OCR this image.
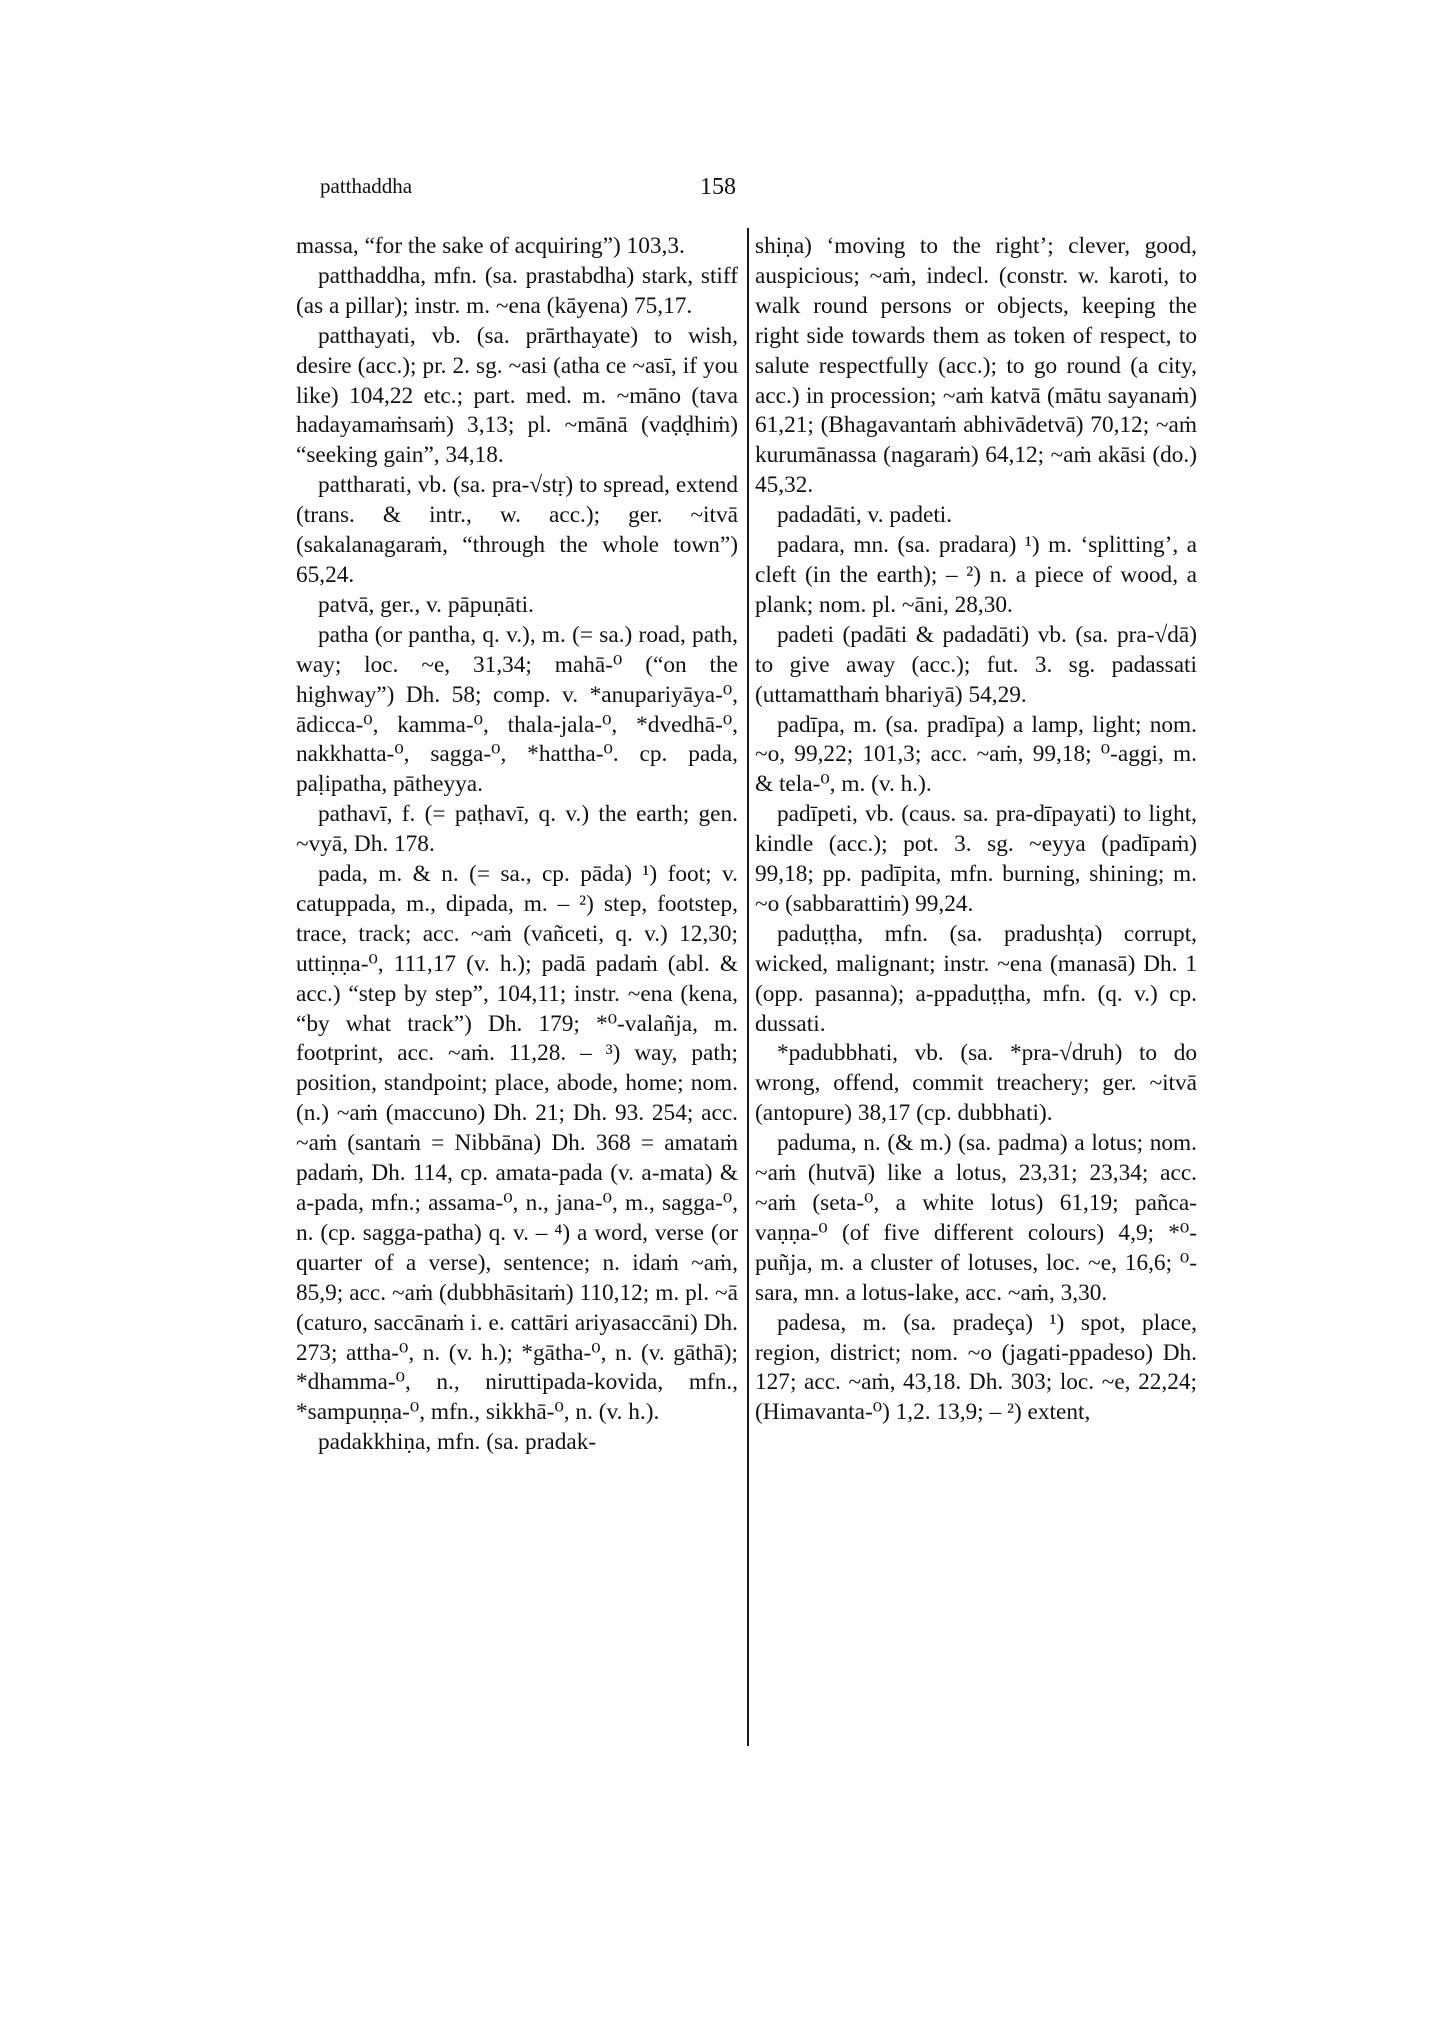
patthaddha	158

massa, “for the sake of acquiring”) 103,3.

patthaddha, mfn. (sa. prastabdha) stark, stiff (as a pillar); instr. m. ~ena (kāyena) 75,17.

patthayati, vb. (sa. prārthayate) to wish, desire (acc.); pr. 2. sg. ~asi (atha ce ~asī, if you like) 104,22 etc.; part. med. m. ~māno (tava hadayamaṁsaṁ) 3,13; pl. ~mānā (vaḍḍhiṁ) “seeking gain”, 34,18.

pattharati, vb. (sa. pra-√stṛ) to spread, extend (trans. & intr., w. acc.); ger. ~itvā (sakalanagaraṁ, “through the whole town”) 65,24.

patvā, ger., v. pāpuṇāti.

patha (or pantha, q. v.), m. (= sa.) road, path, way; loc. ~e, 31,34; mahā-⁰ (“on the highway”) Dh. 58; comp. v. *anupariyāya-⁰, ādicca-⁰, kamma-⁰, thala-jala-⁰, *dvedhā-⁰, nakkhatta-⁰, sagga-⁰, *hattha-⁰. cp. pada, paḷipatha, pātheyya.

pathavī, f. (= paṭhavī, q. v.) the earth; gen. ~vyā, Dh. 178.

pada, m. & n. (= sa., cp. pāda) ¹) foot; v. catuppada, m., dipada, m. – ²) step, footstep, trace, track; acc. ~aṁ (vañceti, q. v.) 12,30; uttiṇṇa-⁰, 111,17 (v. h.); padā padaṁ (abl. & acc.) “step by step”, 104,11; instr. ~ena (kena, “by what track”) Dh. 179; *⁰-valañja, m. footprint, acc. ~aṁ. 11,28. – ³) way, path; position, standpoint; place, abode, home; nom. (n.) ~aṁ (maccuno) Dh. 21; Dh. 93. 254; acc. ~aṁ (santaṁ = Nibbāna) Dh. 368 = amataṁ padaṁ, Dh. 114, cp. amata-pada (v. a-mata) & a-pada, mfn.; assama-⁰, n., jana-⁰, m., sagga-⁰, n. (cp. sagga-patha) q. v. – ⁴) a word, verse (or quarter of a verse), sentence; n. idaṁ ~aṁ, 85,9; acc. ~aṁ (dubbhāsitaṁ) 110,12; m. pl. ~ā (caturo, saccānaṁ i. e. cattāri ariyasaccāni) Dh. 273; attha-⁰, n. (v. h.); *gātha-⁰, n. (v. gāthā); *dhamma-⁰, n., niruttipada-kovida, mfn., *sampuṇṇa-⁰, mfn., sikkhā-⁰, n. (v. h.).

padakkhiṇa, mfn. (sa. pradak-

shiṇa) ‘moving to the right’; clever, good, auspicious; ~aṁ, indecl. (constr. w. karoti, to walk round persons or objects, keeping the right side towards them as token of respect, to salute respectfully (acc.); to go round (a city, acc.) in procession; ~aṁ katvā (mātu sayanaṁ) 61,21; (Bhagavantaṁ abhivādetvā) 70,12; ~aṁ kurumānassa (nagaraṁ) 64,12; ~aṁ akāsi (do.) 45,32.

padadāti, v. padeti.

padara, mn. (sa. pradara) ¹) m. ‘splitting’, a cleft (in the earth); – ²) n. a piece of wood, a plank; nom. pl. ~āni, 28,30.

padeti (padāti & padadāti) vb. (sa. pra-√dā) to give away (acc.); fut. 3. sg. padassati (uttamatthaṁ bhariyā) 54,29.

padīpa, m. (sa. pradīpa) a lamp, light; nom. ~o, 99,22; 101,3; acc. ~aṁ, 99,18; ⁰-aggi, m. & tela-⁰, m. (v. h.).

padīpeti, vb. (caus. sa. pra-dīpayati) to light, kindle (acc.); pot. 3. sg. ~eyya (padīpaṁ) 99,18; pp. padīpita, mfn. burning, shining; m. ~o (sabbarattiṁ) 99,24.

paduṭṭha, mfn. (sa. pradushṭa) corrupt, wicked, malignant; instr. ~ena (manasā) Dh. 1 (opp. pasanna); a-ppaduṭṭha, mfn. (q. v.) cp. dussati.

*padubbhati, vb. (sa. *pra-√druh) to do wrong, offend, commit treachery; ger. ~itvā (antopure) 38,17 (cp. dubbhati).

paduma, n. (& m.) (sa. padma) a lotus; nom. ~aṁ (hutvā) like a lotus, 23,31; 23,34; acc. ~aṁ (seta-⁰, a white lotus) 61,19; pañca-vaṇṇa-⁰ (of five different colours) 4,9; *⁰-puñja, m. a cluster of lotuses, loc. ~e, 16,6; ⁰-sara, mn. a lotus-lake, acc. ~aṁ, 3,30.

padesa, m. (sa. pradeça) ¹) spot, place, region, district; nom. ~o (jagati-ppadeso) Dh. 127; acc. ~aṁ, 43,18. Dh. 303; loc. ~e, 22,24; (Himavanta-⁰) 1,2. 13,9; – ²) extent,
